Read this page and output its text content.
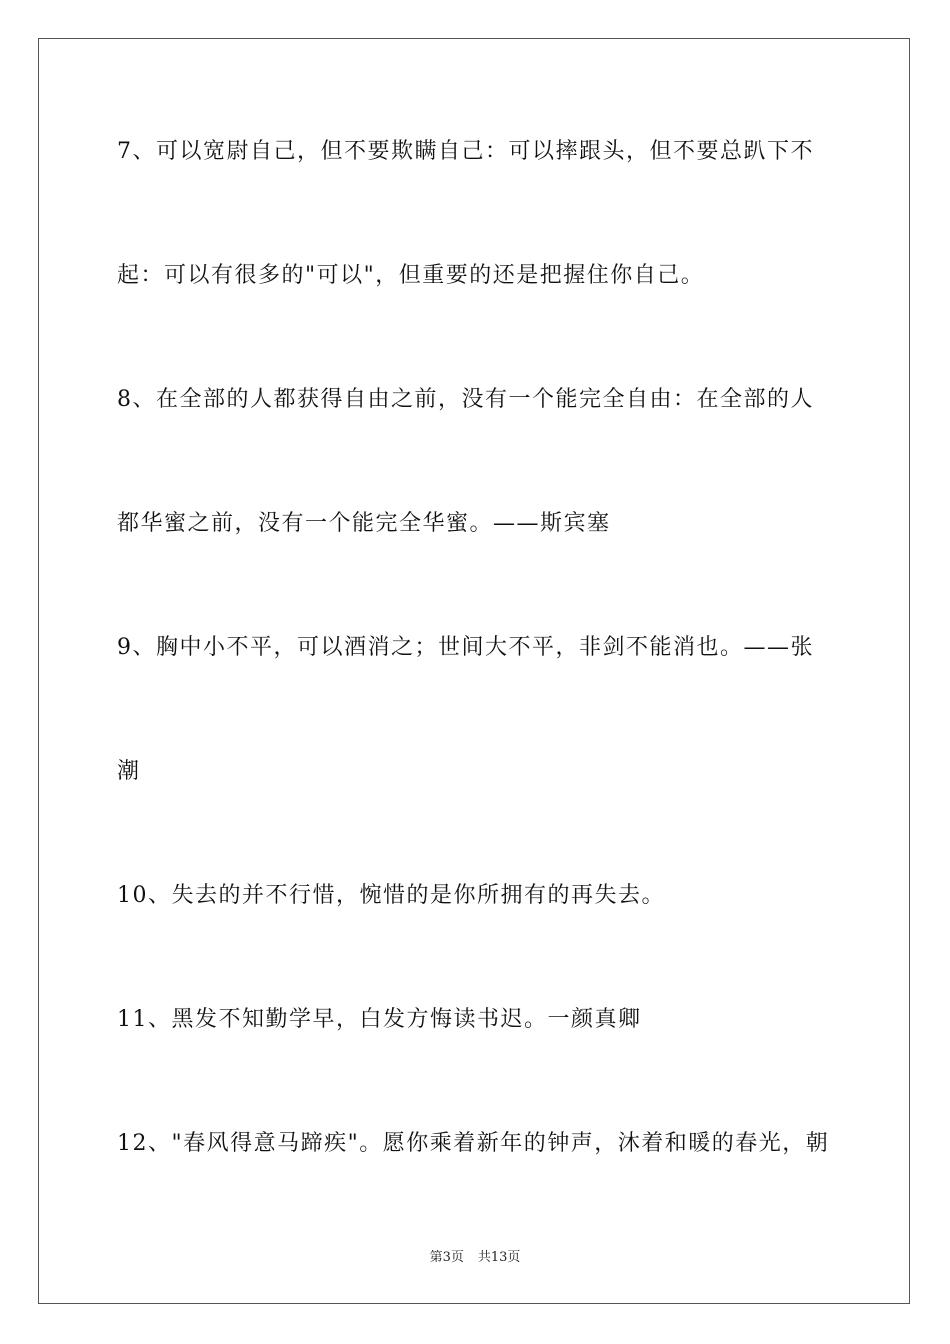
7、可以宽尉自己，但不要欺瞒自己：可以摔跟头，但不要总趴下不
起：可以有很多的"可以"，但重要的还是把握住你自己。
8、在全部的人都获得自由之前，没有一个能完全自由：在全部的人
都华蜜之前，没有一个能完全华蜜。——斯宾塞
9、胸中小不平，可以酒消之；世间大不平，非剑不能消也。——张
潮
10、失去的并不行惜，惋惜的是你所拥有的再失去。
11、黑发不知勤学早，白发方悔读书迟。一颜真卿
12、"春风得意马蹄疾"。愿你乘着新年的钟声，沐着和暖的春光，朝
第3页 共13页
